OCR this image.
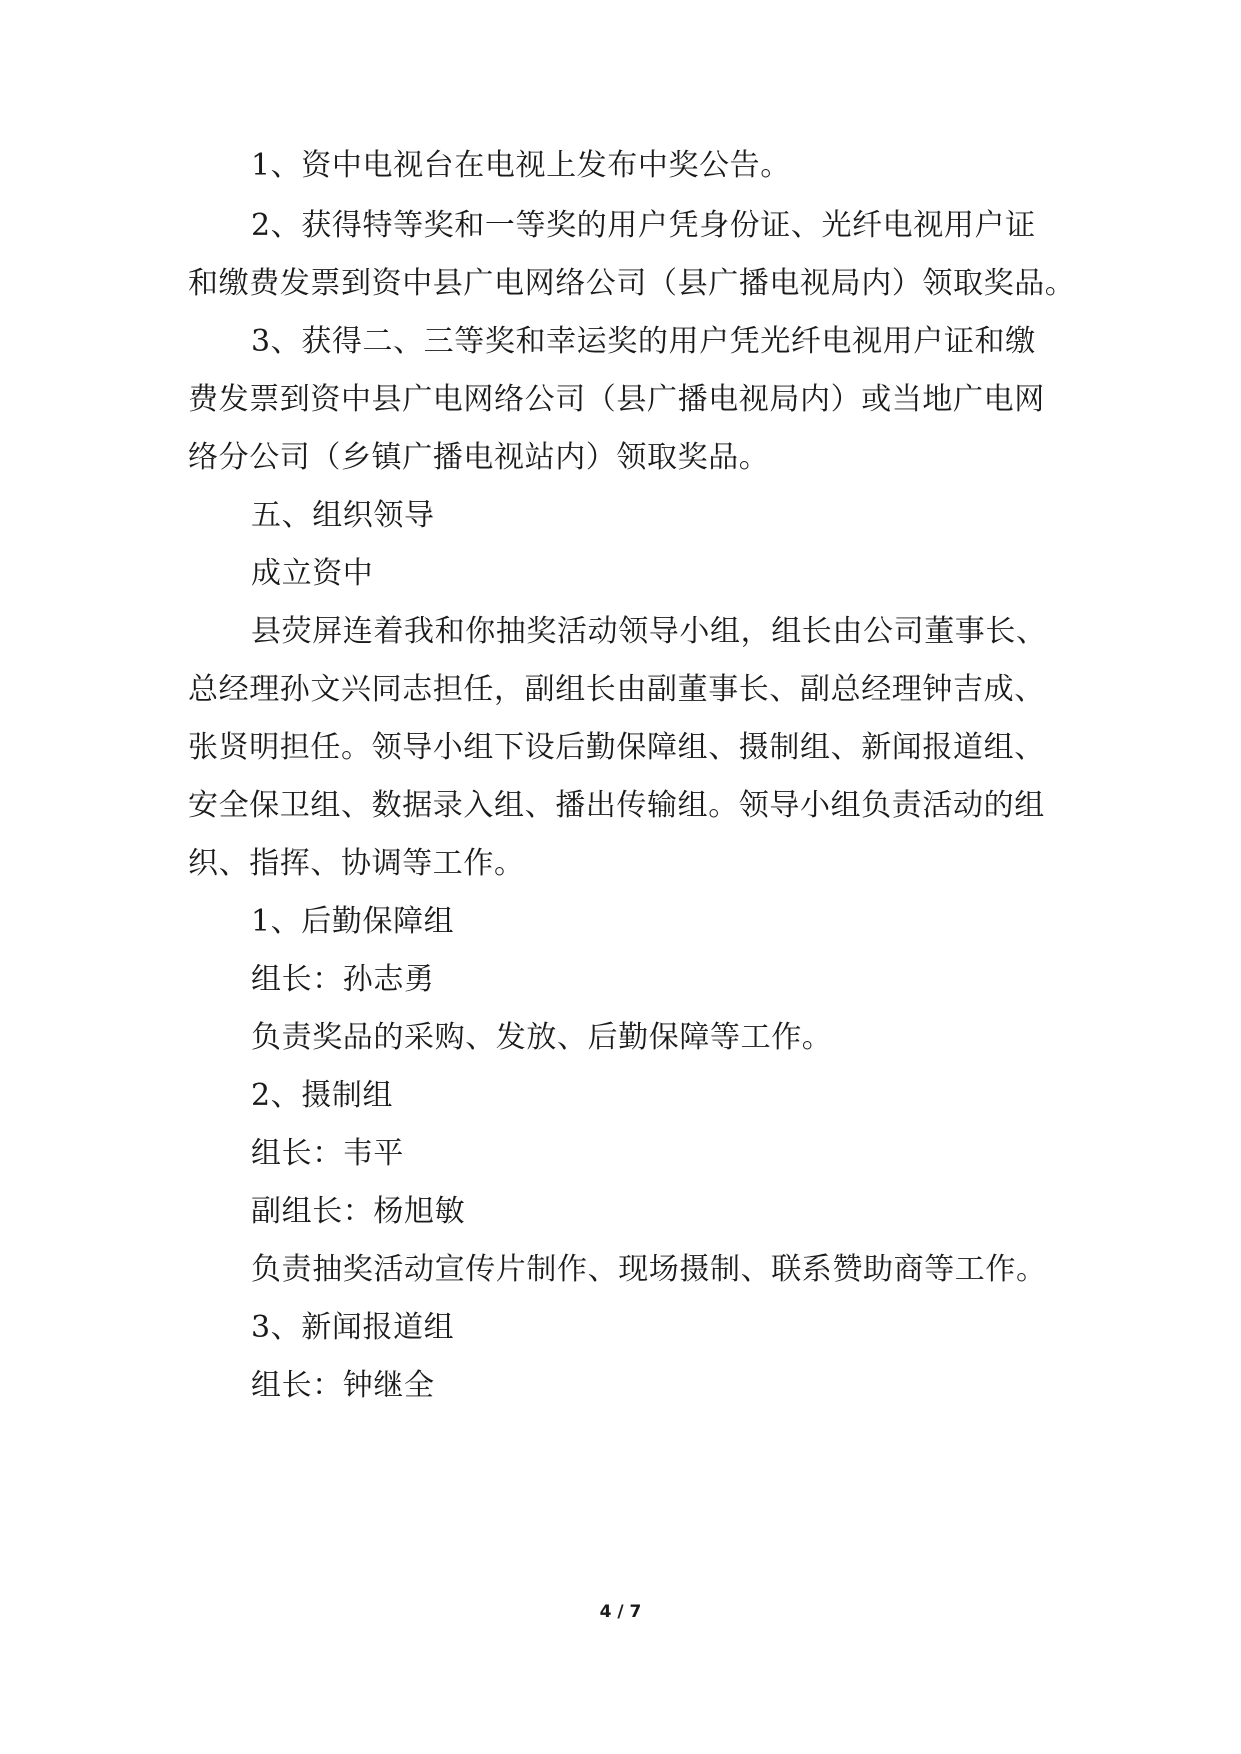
1、资中电视台在电视上发布中奖公告。
2、获得特等奖和一等奖的用户凭身份证、光纤电视用户证
和缴费发票到资中县广电网络公司（县广播电视局内）领取奖品。
3、获得二、三等奖和幸运奖的用户凭光纤电视用户证和缴
费发票到资中县广电网络公司（县广播电视局内）或当地广电网
络分公司（乡镇广播电视站内）领取奖品。
五、组织领导
成立资中
县荧屏连着我和你抽奖活动领导小组，组长由公司董事长、
总经理孙文兴同志担任，副组长由副董事长、副总经理钟吉成、
张贤明担任。领导小组下设后勤保障组、摄制组、新闻报道组、
安全保卫组、数据录入组、播出传输组。领导小组负责活动的组
织、指挥、协调等工作。
1、后勤保障组
组长：孙志勇
负责奖品的采购、发放、后勤保障等工作。
2、摄制组
组长：韦平
副组长：杨旭敏
负责抽奖活动宣传片制作、现场摄制、联系赞助商等工作。
3、新闻报道组
组长：钟继全
4 / 7
